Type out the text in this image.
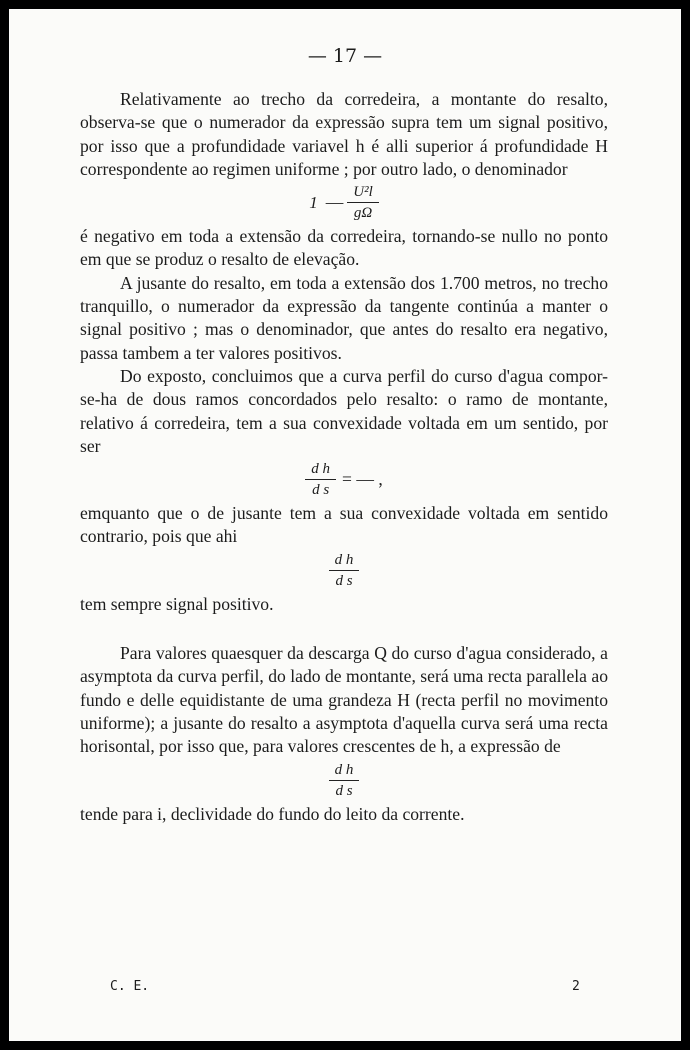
— 17 —

Relativamente ao trecho da corredeira, a montante do resalto, observa-se que o numerador da expressão supra tem um signal positivo, por isso que a profundidade variavel h é alli superior á profundidade H correspondente ao regimen uniforme ; por outro lado, o denominador

1 — $\frac{\text{U²l}}{g\Omega}$

é negativo em toda a extensão da corredeira, tornando-se nullo no ponto em que se produz o resalto de elevação.

A jusante do resalto, em toda a extensão dos 1.700 metros, no trecho tranquillo, o numerador da expressão da tangente continúa a manter o signal positivo ; mas o denominador, que antes do resalto era negativo, passa tambem a ter valores positivos.

Do exposto, concluimos que a curva perfil do curso d'agua compor-se-ha de dous ramos concordados pelo resalto: o ramo de montante, relativo á corredeira, tem a sua convexidade voltada em um sentido, por ser

$\frac{\text{d h}}{\text{d s}}$ = — ,

emquanto que o de jusante tem a sua convexidade voltada em sentido contrario, pois que ahi

$\frac{\text{d h}}{\text{d s}}$

tem sempre signal positivo.

Para valores quaesquer da descarga Q do curso d'agua considerado, a asymptota da curva perfil, do lado de montante, será uma recta parallela ao fundo e delle equidistante de uma grandeza H (recta perfil no movimento uniforme); a jusante do resalto a asymptota d'aquella curva será uma recta horisontal, por isso que, para valores crescentes de h, a expressão de

$\frac{\text{d h}}{\text{d s}}$

tende para i, declividade do fundo do leito da corrente.

C. E.	2
